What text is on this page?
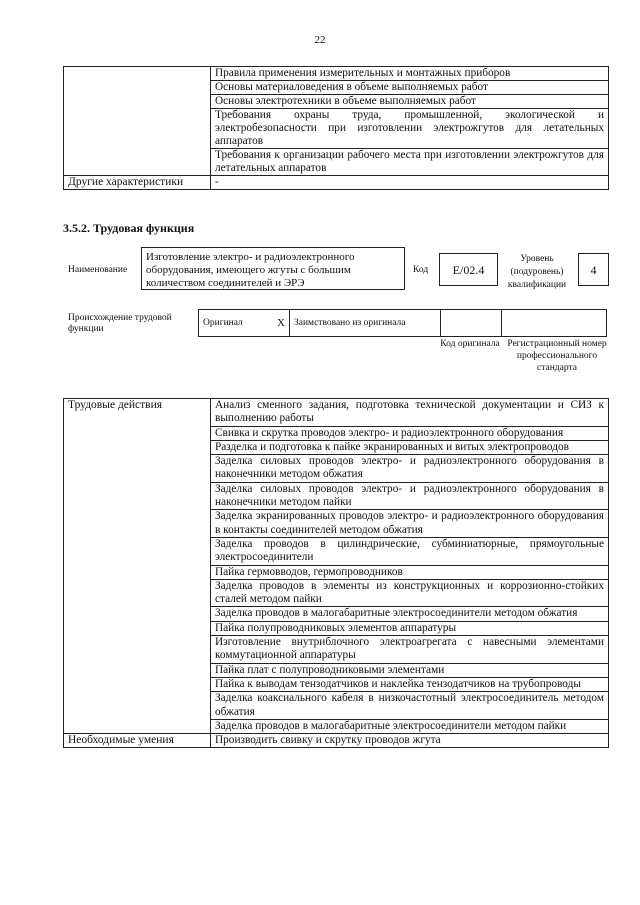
22
	Правила применения измерительных и монтажных приборов
	Основы материаловедения в объеме выполняемых работ
	Основы электротехники в объеме выполняемых работ
	Требования охраны труда, промышленной, экологической и электробезопасности при изготовлении электрожгутов для летательных аппаратов
	Требования к организации рабочего места при изготовлении электрожгутов для летательных аппаратов
Другие характеристики	-
3.5.2. Трудовая функция
Наименование
Изготовление электро- и радиоэлектронного оборудования, имеющего жгуты с большим количеством соединителей и ЭРЭ
Код	Е/02.4
Уровень (подуровень) квалификации
4
Происхождение трудовой функции
Оригинал	Х	Заимствовано из оригинала		
Код оригинала Регистрационный номер профессионального стандарта
Трудовые действия	Анализ сменного задания, подготовка технической документации и СИЗ к выполнению работы
	Свивка и скрутка проводов электро- и радиоэлектронного оборудования
	Разделка и подготовка к пайке экранированных и витых электропроводов
	Заделка силовых проводов электро- и радиоэлектронного оборудования в наконечники методом обжатия
	Заделка силовых проводов электро- и радиоэлектронного оборудования в наконечники методом пайки
	Заделка экранированных проводов электро- и радиоэлектронного оборудования в контакты соединителей методом обжатия
	Заделка проводов в цилиндрические, субминиатюрные, прямоугольные электросоединители
	Пайка гермовводов, гермопроводников
	Заделка проводов в элементы из конструкционных и коррозионно-стойких сталей методом пайки
	Заделка проводов в малогабаритные электросоединители методом обжатия
	Пайка полупроводниковых элементов аппаратуры
	Изготовление внутриблочного электроагрегата с навесными элементами коммутационной аппаратуры
	Пайка плат с полупроводниковыми элементами
	Пайка к выводам тензодатчиков и наклейка тензодатчиков на трубопроводы
	Заделка коаксиального кабеля в низкочастотный электросоединитель методом обжатия
	Заделка проводов в малогабаритные электросоединители методом пайки
Необходимые умения	Производить свивку и скрутку проводов жгута
